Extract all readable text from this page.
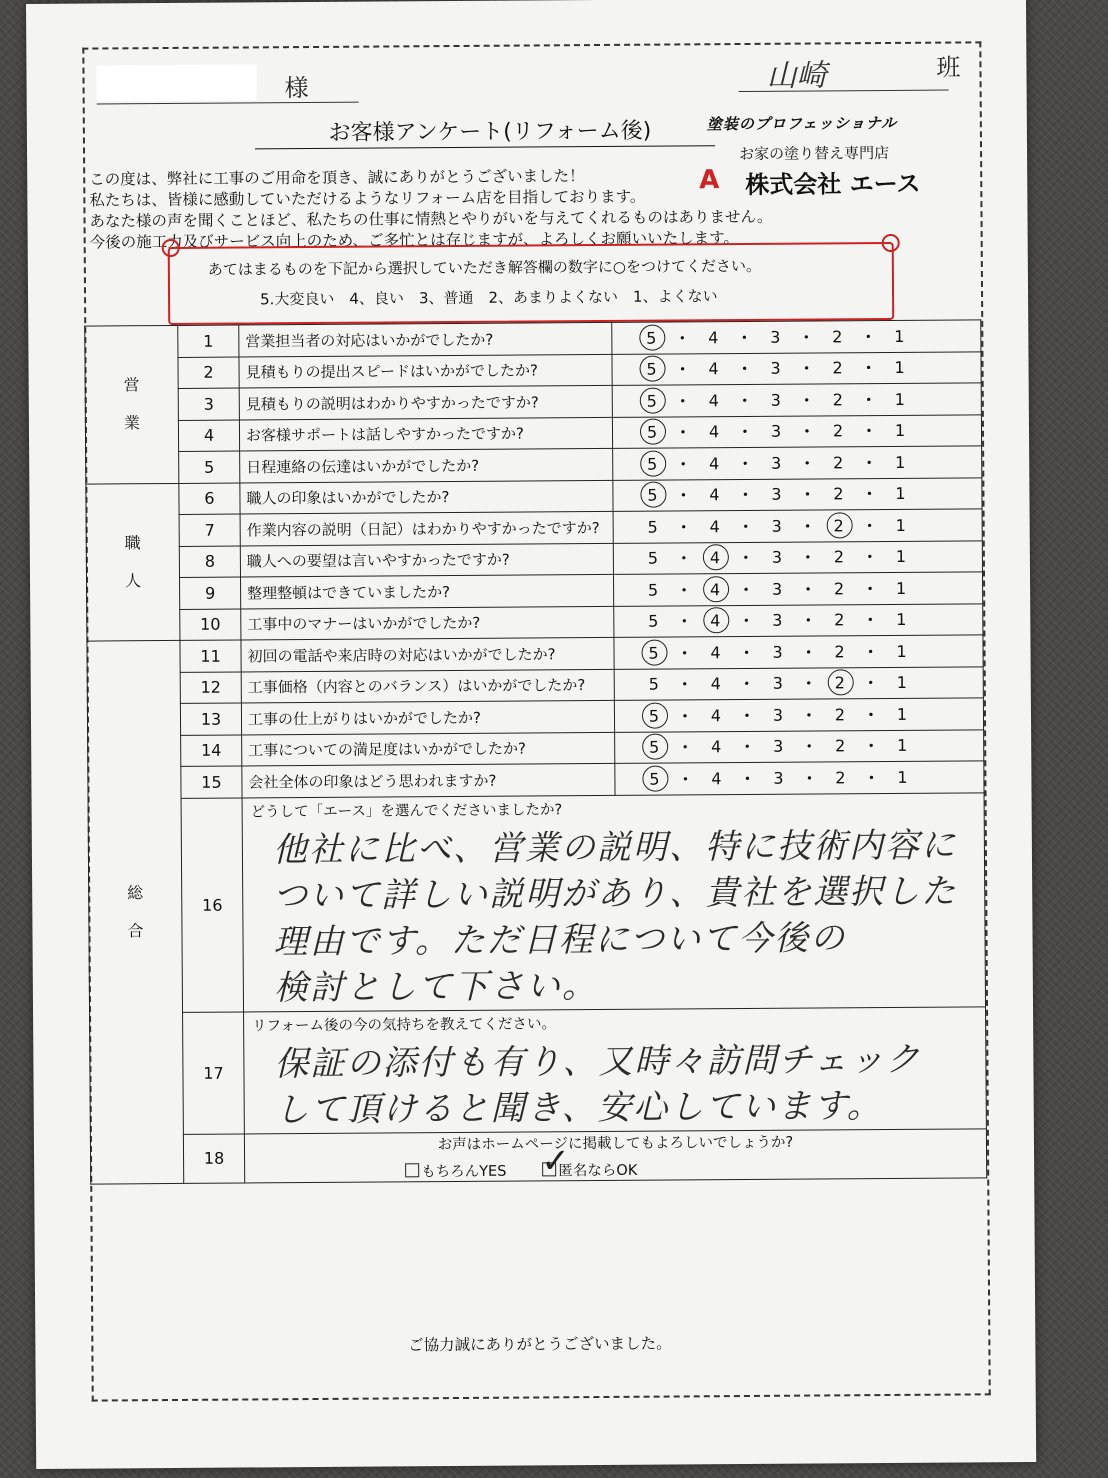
様	山崎	班
お客様アンケート(リフォーム後)	塗装のプロフェッショナル
お家の塗り替え専門店
A	株式会社 エース
この度は、弊社に工事のご用命を頂き、誠にありがとうございました！
私たちは、皆様に感動していただけるようなリフォーム店を目指しております。
あなた様の声を聞くことほど、私たちの仕事に情熱とやりがいを与えてくれるものはありません。
今後の施工力及びサービス向上のため、ご多忙とは存じますが、よろしくお願いいたします。
あてはまるものを下記から選択していただき解答欄の数字に○をつけてください。
5.大変良い　4、良い　3、普通　2、あまりよくない　1、よくない
営
業	1	営業担当者の対応はいかがでしたか?	5 ・ 4 ・ 3 ・ 2 ・ 1
	2	見積もりの提出スピードはいかがでしたか?	5 ・ 4 ・ 3 ・ 2 ・ 1
	3	見積もりの説明はわかりやすかったですか?	5 ・ 4 ・ 3 ・ 2 ・ 1
	4	お客様サポートは話しやすかったですか?	5 ・ 4 ・ 3 ・ 2 ・ 1
	5	日程連絡の伝達はいかがでしたか?	5 ・ 4 ・ 3 ・ 2 ・ 1

職
人	6	職人の印象はいかがでしたか?	5 ・ 4 ・ 3 ・ 2 ・ 1
	7	作業内容の説明（日記）はわかりやすかったですか?	5 ・ 4 ・ 3 ・ 2 ・ 1
	8	職人への要望は言いやすかったですか?	5 ・ 4 ・ 3 ・ 2 ・ 1
	9	整理整頓はできていましたか?	5 ・ 4 ・ 3 ・ 2 ・ 1
	10	工事中のマナーはいかがでしたか?	5 ・ 4 ・ 3 ・ 2 ・ 1

総
合	11	初回の電話や来店時の対応はいかがでしたか?	5 ・ 4 ・ 3 ・ 2 ・ 1
	12	工事価格（内容とのバランス）はいかがでしたか?	5 ・ 4 ・ 3 ・ 2 ・ 1
	13	工事の仕上がりはいかがでしたか?	5 ・ 4 ・ 3 ・ 2 ・ 1
	14	工事についての満足度はいかがでしたか?	5 ・ 4 ・ 3 ・ 2 ・ 1
	15	会社全体の印象はどう思われますか?	5 ・ 4 ・ 3 ・ 2 ・ 1
	16	どうして「エース」を選んでくださいましたか?
他社に比べ、営業の説明、特に技術内容に
ついて詳しい説明があり、貴社を選択した
理由です。ただ日程について今後の
検討として下さい。	

	17	リフォーム後の今の気持ちを教えてください。
保証の添付も有り、又時々訪問チェック
して頂けると聞き、安心しています。	

	18	お声はホームページに掲載してもよろしいでしょうか?
もちろんYES ✓ 匿名ならOK
ご協力誠にありがとうございました。
